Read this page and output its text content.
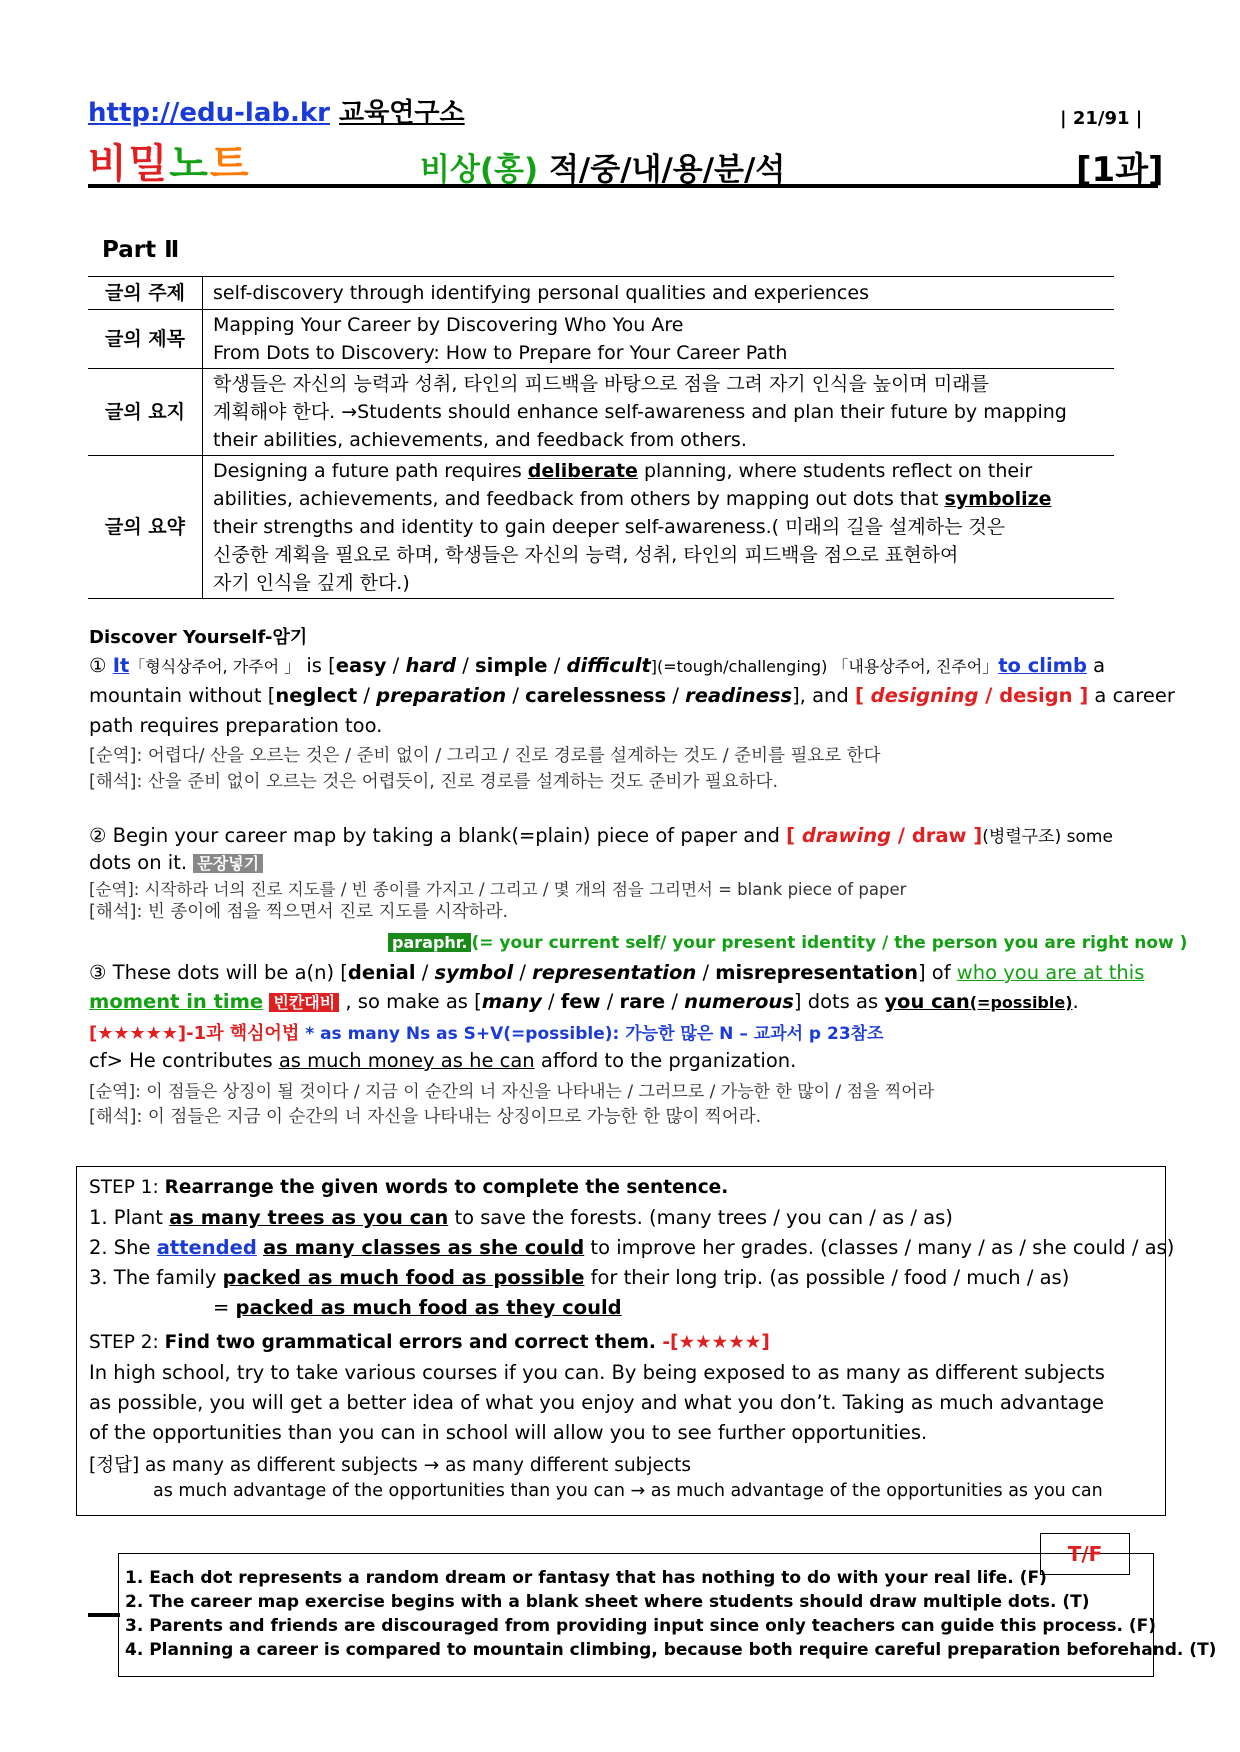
http://edu-lab.kr 교육연구소	| 21/91 |
비밀노트	비상(홍) 적/중/내/용/분/석	[1과]
Part Ⅱ
글의 주제	self-discovery through identifying personal qualities and experiences
글의 제목	Mapping Your Career by Discovering Who You Are
From Dots to Discovery: How to Prepare for Your Career Path

글의 요지	학생들은 자신의 능력과 성취, 타인의 피드백을 바탕으로 점을 그려 자기 인식을 높이며 미래를
계획해야 한다. →Students should enhance self-awareness and plan their future by mapping
their abilities, achievements, and feedback from others.

글의 요약	Designing a future path requires deliberate planning, where students reflect on their
abilities, achievements, and feedback from others by mapping out dots that symbolize
their strengths and identity to gain deeper self-awareness.( 미래의 길을 설계하는 것은
신중한 계획을 필요로 하며, 학생들은 자신의 능력, 성취, 타인의 피드백을 점으로 표현하여
자기 인식을 깊게 한다.)
Discover Yourself-암기
① It「형식상주어, 가주어 」 is [easy / hard / simple / difficult](=tough/challenging) 「내용상주어, 진주어」to climb a
mountain without [neglect / preparation / carelessness / readiness], and [ designing / design ] a career
path requires preparation too.
[순역]: 어렵다/ 산을 오르는 것은 / 준비 없이 / 그리고 / 진로 경로를 설계하는 것도 / 준비를 필요로 한다
[해석]: 산을 준비 없이 오르는 것은 어렵듯이, 진로 경로를 설계하는 것도 준비가 필요하다.
② Begin your career map by taking a blank(=plain) piece of paper and [ drawing / draw ](병렬구조) some
dots on it. 문장넣기
[순역]: 시작하라 너의 진로 지도를 / 빈 종이를 가지고 / 그리고 / 몇 개의 점을 그리면서 = blank piece of paper
[해석]: 빈 종이에 점을 찍으면서 진로 지도를 시작하라.
paraphr. (= your current self/ your present identity / the person you are right now )
③ These dots will be a(n) [denial / symbol / representation / misrepresentation] of who you are at this
moment in time 빈칸대비 , so make as [many / few / rare / numerous] dots as you can(=possible).
[★★★★★]-1과 핵심어법 * as many Ns as S+V(=possible): 가능한 많은 N – 교과서 p 23참조
cf> He contributes as much money as he can afford to the prganization.
[순역]: 이 점들은 상징이 될 것이다 / 지금 이 순간의 너 자신을 나타내는 / 그러므로 / 가능한 한 많이 / 점을 찍어라
[해석]: 이 점들은 지금 이 순간의 너 자신을 나타내는 상징이므로 가능한 한 많이 찍어라.
STEP 1: Rearrange the given words to complete the sentence.
1. Plant as many trees as you can to save the forests. (many trees / you can / as / as)
2. She attended as many classes as she could to improve her grades. (classes / many / as / she could / as)
3. The family packed as much food as possible for their long trip. (as possible / food / much / as)
= packed as much food as they could
STEP 2: Find two grammatical errors and correct them. -[★★★★★]
In high school, try to take various courses if you can. By being exposed to as many as different subjects
as possible, you will get a better idea of what you enjoy and what you don’t. Taking as much advantage
of the opportunities than you can in school will allow you to see further opportunities.
[정답] as many as different subjects → as many different subjects
as much advantage of the opportunities than you can → as much advantage of the opportunities as you can
1. Each dot represents a random dream or fantasy that has nothing to do with your real life. (F)
2. The career map exercise begins with a blank sheet where students should draw multiple dots. (T)
3. Parents and friends are discouraged from providing input since only teachers can guide this process. (F)
4. Planning a career is compared to mountain climbing, because both require careful preparation beforehand. (T)
T/F
